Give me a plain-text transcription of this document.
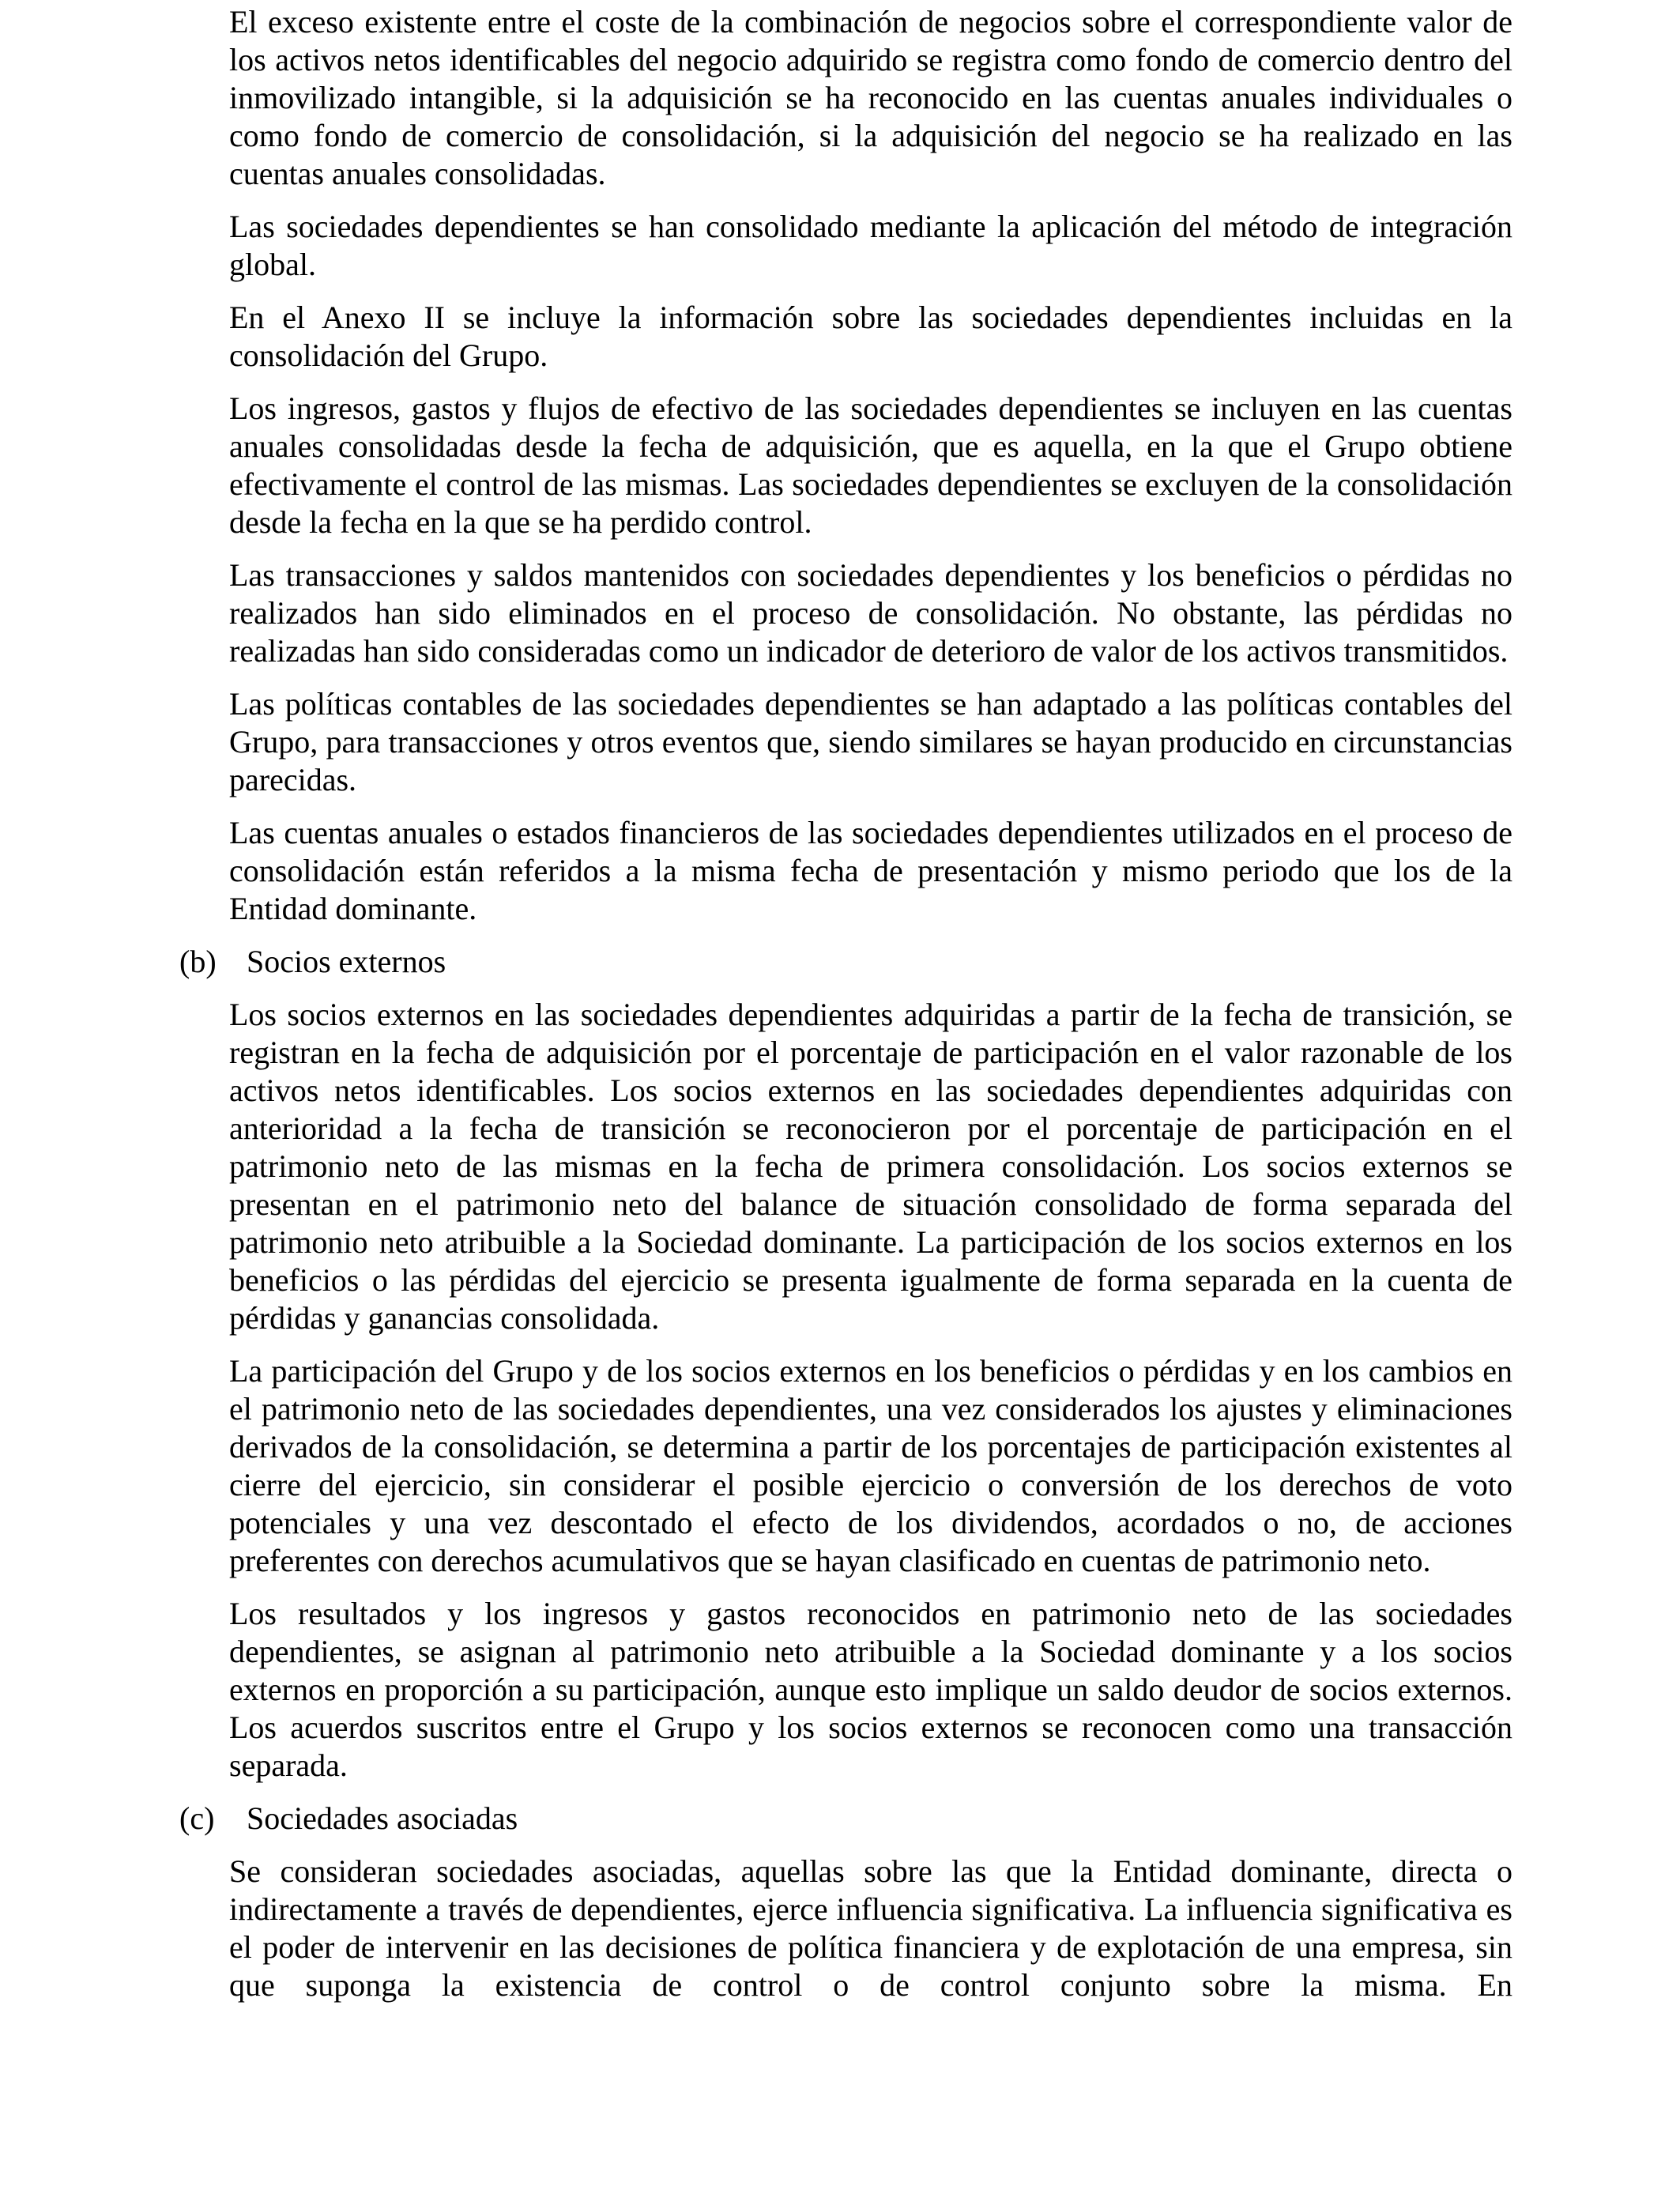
El exceso existente entre el coste de la combinación de negocios sobre el correspondiente valor de los activos netos identificables del negocio adquirido se registra como fondo de comercio dentro del inmovilizado intangible, si la adquisición se ha reconocido en las cuentas anuales individuales o como fondo de comercio de consolidación, si la adquisición del negocio se ha realizado en las cuentas anuales consolidadas.

Las sociedades dependientes se han consolidado mediante la aplicación del método de integración global.

En el Anexo II se incluye la información sobre las sociedades dependientes incluidas en la consolidación del Grupo.

Los ingresos, gastos y flujos de efectivo de las sociedades dependientes se incluyen en las cuentas anuales consolidadas desde la fecha de adquisición, que es aquella, en la que el Grupo obtiene efectivamente el control de las mismas. Las sociedades dependientes se excluyen de la consolidación desde la fecha en la que se ha perdido control.

Las transacciones y saldos mantenidos con sociedades dependientes y los beneficios o pérdidas no realizados han sido eliminados en el proceso de consolidación. No obstante, las pérdidas no realizadas han sido consideradas como un indicador de deterioro de valor de los activos transmitidos.

Las políticas contables de las sociedades dependientes se han adaptado a las políticas contables del Grupo, para transacciones y otros eventos que, siendo similares se hayan producido en circunstancias parecidas.

Las cuentas anuales o estados financieros de las sociedades dependientes utilizados en el proceso de consolidación están referidos a la misma fecha de presentación y mismo periodo que los de la Entidad dominante.

(b) Socios externos

Los socios externos en las sociedades dependientes adquiridas a partir de la fecha de transición, se registran en la fecha de adquisición por el porcentaje de participación en el valor razonable de los activos netos identificables. Los socios externos en las sociedades dependientes adquiridas con anterioridad a la fecha de transición se reconocieron por el porcentaje de participación en el patrimonio neto de las mismas en la fecha de primera consolidación. Los socios externos se presentan en el patrimonio neto del balance de situación consolidado de forma separada del patrimonio neto atribuible a la Sociedad dominante. La participación de los socios externos en los beneficios o las pérdidas del ejercicio se presenta igualmente de forma separada en la cuenta de pérdidas y ganancias consolidada.

La participación del Grupo y de los socios externos en los beneficios o pérdidas y en los cambios en el patrimonio neto de las sociedades dependientes, una vez considerados los ajustes y eliminaciones derivados de la consolidación, se determina a partir de los porcentajes de participación existentes al cierre del ejercicio, sin considerar el posible ejercicio o conversión de los derechos de voto potenciales y una vez descontado el efecto de los dividendos, acordados o no, de acciones preferentes con derechos acumulativos que se hayan clasificado en cuentas de patrimonio neto.

Los resultados y los ingresos y gastos reconocidos en patrimonio neto de las sociedades dependientes, se asignan al patrimonio neto atribuible a la Sociedad dominante y a los socios externos en proporción a su participación, aunque esto implique un saldo deudor de socios externos. Los acuerdos suscritos entre el Grupo y los socios externos se reconocen como una transacción separada.

(c) Sociedades asociadas

Se consideran sociedades asociadas, aquellas sobre las que la Entidad dominante, directa o indirectamente a través de dependientes, ejerce influencia significativa. La influencia significativa es el poder de intervenir en las decisiones de política financiera y de explotación de una empresa, sin que suponga la existencia de control o de control conjunto sobre la misma. En
